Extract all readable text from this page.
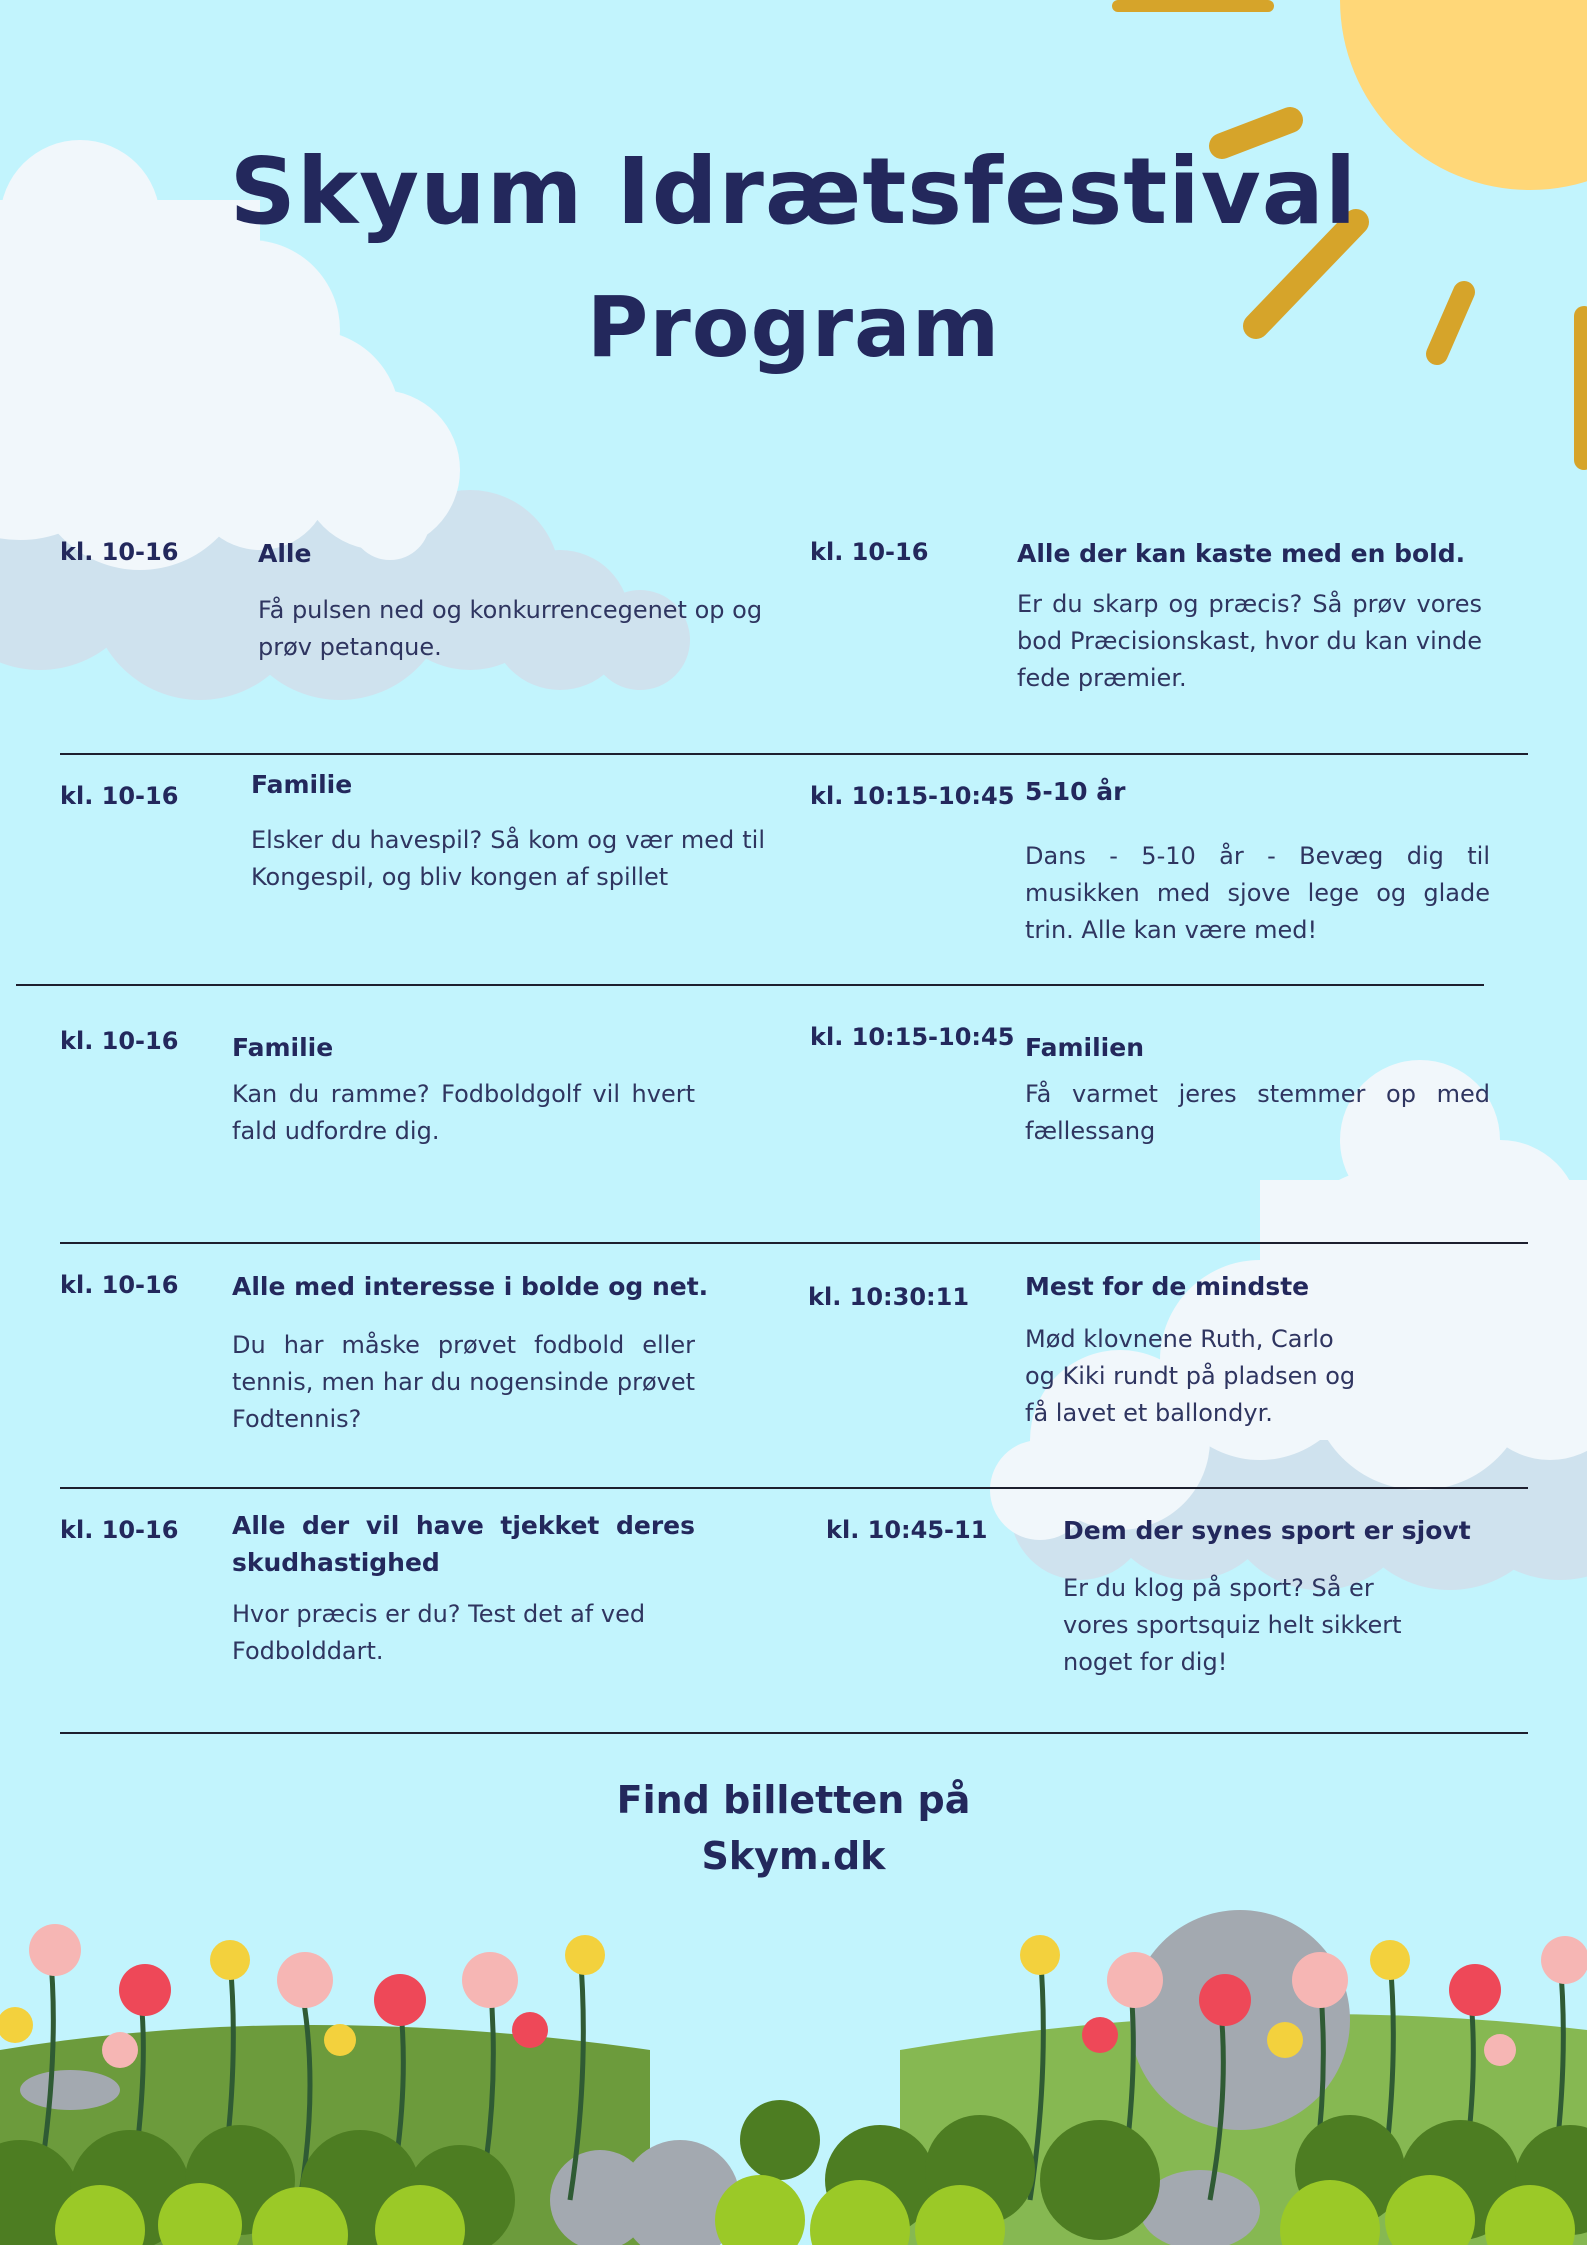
Skyum Idrætsfestival
Program
kl. 10-16	Alle
Få pulsen ned og konkurrencegenet op og prøv petanque.
kl. 10-16	Alle der kan kaste med en bold.
Er du skarp og præcis? Så prøv vores bod Præcisionskast, hvor du kan vinde fede præmier.
kl. 10-16	Familie
Elsker du havespil? Så kom og vær med til Kongespil, og bliv kongen af spillet
kl. 10:15-10:45 5-10 år
Dans - 5-10 år - Bevæg dig til musikken med sjove lege og glade trin. Alle kan være med!
kl. 10-16 Familie
Kan du ramme? Fodboldgolf vil hvert fald udfordre dig.
kl. 10:15-10:45 Familien
Få varmet jeres stemmer op med fællessang
kl. 10-16 Alle med interesse i bolde og net.
Du har måske prøvet fodbold eller tennis, men har du nogensinde prøvet Fodtennis?
kl. 10:30:11 Mest for de mindste
Mød klovnene Ruth, Carlo og Kiki rundt på pladsen og få lavet et ballondyr.
kl. 10-16 Alle der vil have tjekket deres skudhastighed
Hvor præcis er du? Test det af ved Fodbolddart.
kl. 10:45-11	Dem der synes sport er sjovt
Er du klog på sport? Så er vores sportsquiz helt sikkert noget for dig!
Find billetten på
Skym.dk
